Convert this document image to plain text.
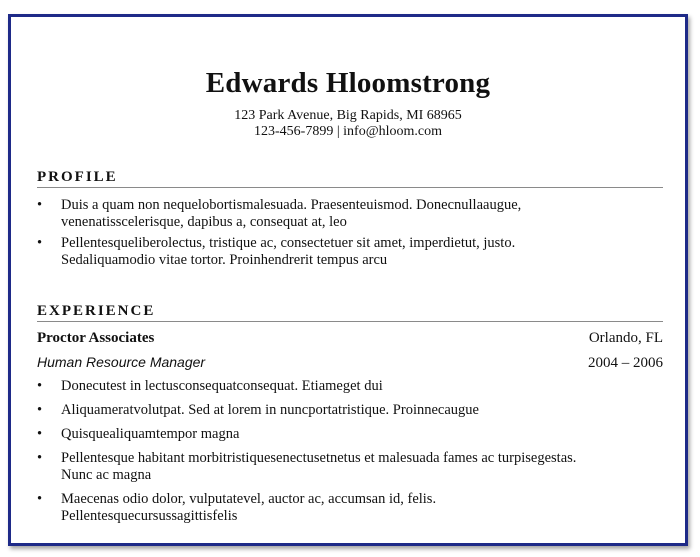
Edwards Hloomstrong
123 Park Avenue, Big Rapids, MI 68965
123-456-7899 | info@hloom.com
PROFILE
• Duis a quam non nequelobortismalesuada. Praesenteuismod. Donecnullaaugue,
venenatisscelerisque, dapibus a, consequat at, leo
• Pellentesqueliberolectus, tristique ac, consectetuer sit amet, imperdietut, justo.
Sedaliquamodio vitae tortor. Proinhendrerit tempus arcu
EXPERIENCE
Proctor Associates	Orlando, FL
Human Resource Manager	2004 – 2006
• Donecutest in lectusconsequatconsequat. Etiameget dui
• Aliquameratvolutpat. Sed at lorem in nuncportatristique. Proinnecaugue
• Quisquealiquamtempor magna
• Pellentesque habitant morbitristiquesenectusetnetus et malesuada fames ac turpisegestas.
Nunc ac magna
• Maecenas odio dolor, vulputatevel, auctor ac, accumsan id, felis.
Pellentesquecursussagittisfelis
